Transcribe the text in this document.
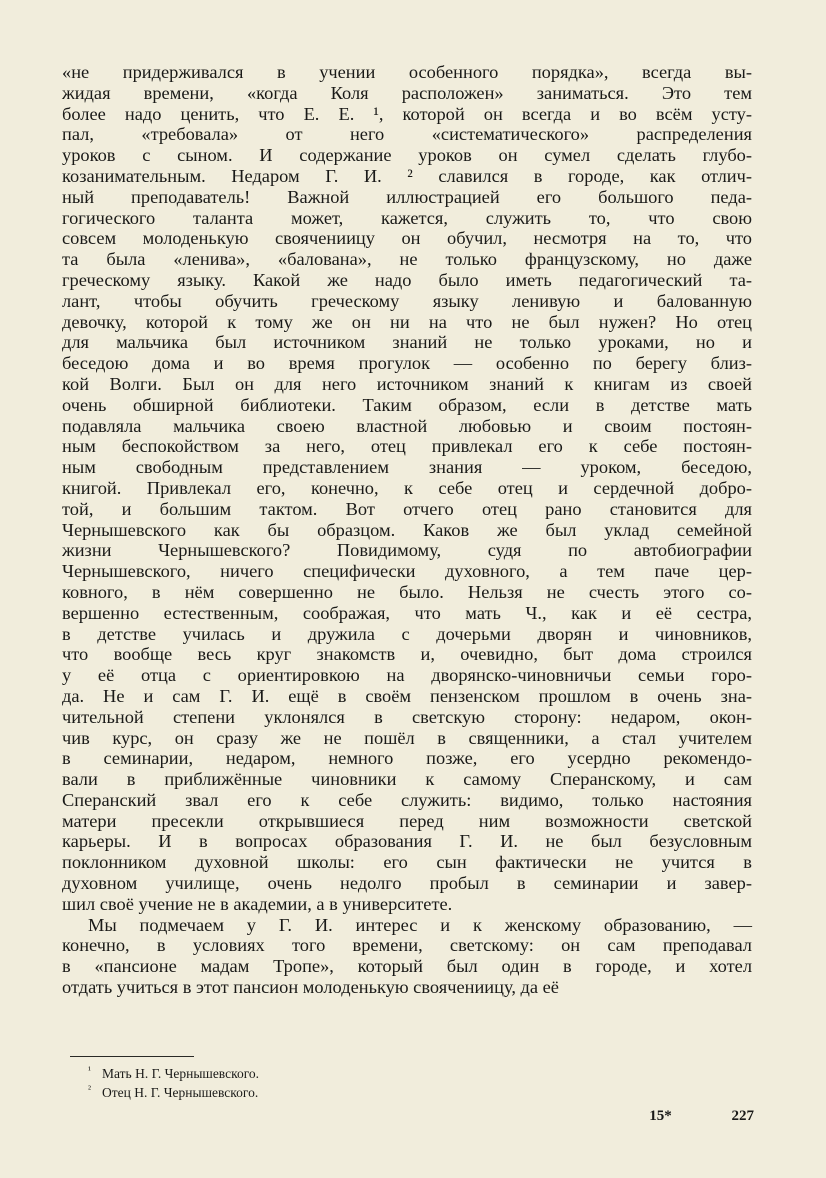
«не придерживался в учении особенного порядка», всегда вы-
жидая времени, «когда Коля расположен» заниматься. Это тем
более надо ценить, что Е. Е. ¹, которой он всегда и во всём усту-
пал, «требовала» от него «систематического» распределения
уроков с сыном. И содержание уроков он сумел сделать глубо-
козанимательным. Недаром Г. И. ² славился в городе, как отлич-
ный преподаватель! Важной иллюстрацией его большого педа-
гогического таланта может, кажется, служить то, что свою
совсем молоденькую своячениицу он обучил, несмотря на то, что
та была «ленива», «балована», не только французскому, но даже
греческому языку. Какой же надо было иметь педагогический та-
лант, чтобы обучить греческому языку ленивую и балованную
девочку, которой к тому же он ни на что не был нужен? Но отец
для мальчика был источником знаний не только уроками, но и
беседою дома и во время прогулок — особенно по берегу близ-
кой Волги. Был он для него источником знаний к книгам из своей
очень обширной библиотеки. Таким образом, если в детстве мать
подавляла мальчика своею властной любовью и своим постоян-
ным беспокойством за него, отец привлекал его к себе постоян-
ным свободным представлением знания — уроком, беседою,
книгой. Привлекал его, конечно, к себе отец и сердечной добро-
той, и большим тактом. Вот отчего отец рано становится для
Чернышевского как бы образцом. Каков же был уклад семейной
жизни Чернышевского? Повидимому, судя по автобиографии
Чернышевского, ничего специфически духовного, а тем паче цер-
ковного, в нём совершенно не было. Нельзя не счесть этого со-
вершенно естественным, соображая, что мать Ч., как и её сестра,
в детстве училась и дружила с дочерьми дворян и чиновников,
что вообще весь круг знакомств и, очевидно, быт дома строился
у её отца с ориентировкою на дворянско-чиновничьи семьи горо-
да. Не и сам Г. И. ещё в своём пензенском прошлом в очень зна-
чительной степени уклонялся в светскую сторону: недаром, окон-
чив курс, он сразу же не пошёл в священники, а стал учителем
в семинарии, недаром, немного позже, его усердно рекомендо-
вали в приближённые чиновники к самому Сперанскому, и сам
Сперанский звал его к себе служить: видимо, только настояния
матери пресекли открывшиеся перед ним возможности светской
карьеры. И в вопросах образования Г. И. не был безусловным
поклонником духовной школы: его сын фактически не учится в
духовном училище, очень недолго пробыл в семинарии и завер-
шил своё учение не в академии, а в университете.
Мы подмечаем у Г. И. интерес и к женскому образованию, —
конечно, в условиях того времени, светскому: он сам преподавал
в «пансионе мадам Тропе», который был один в городе, и хотел
отдать учиться в этот пансион молоденькую своячениицу, да её
¹ Мать Н. Г. Чернышевского.
² Отец Н. Г. Чернышевского.
15*	227
